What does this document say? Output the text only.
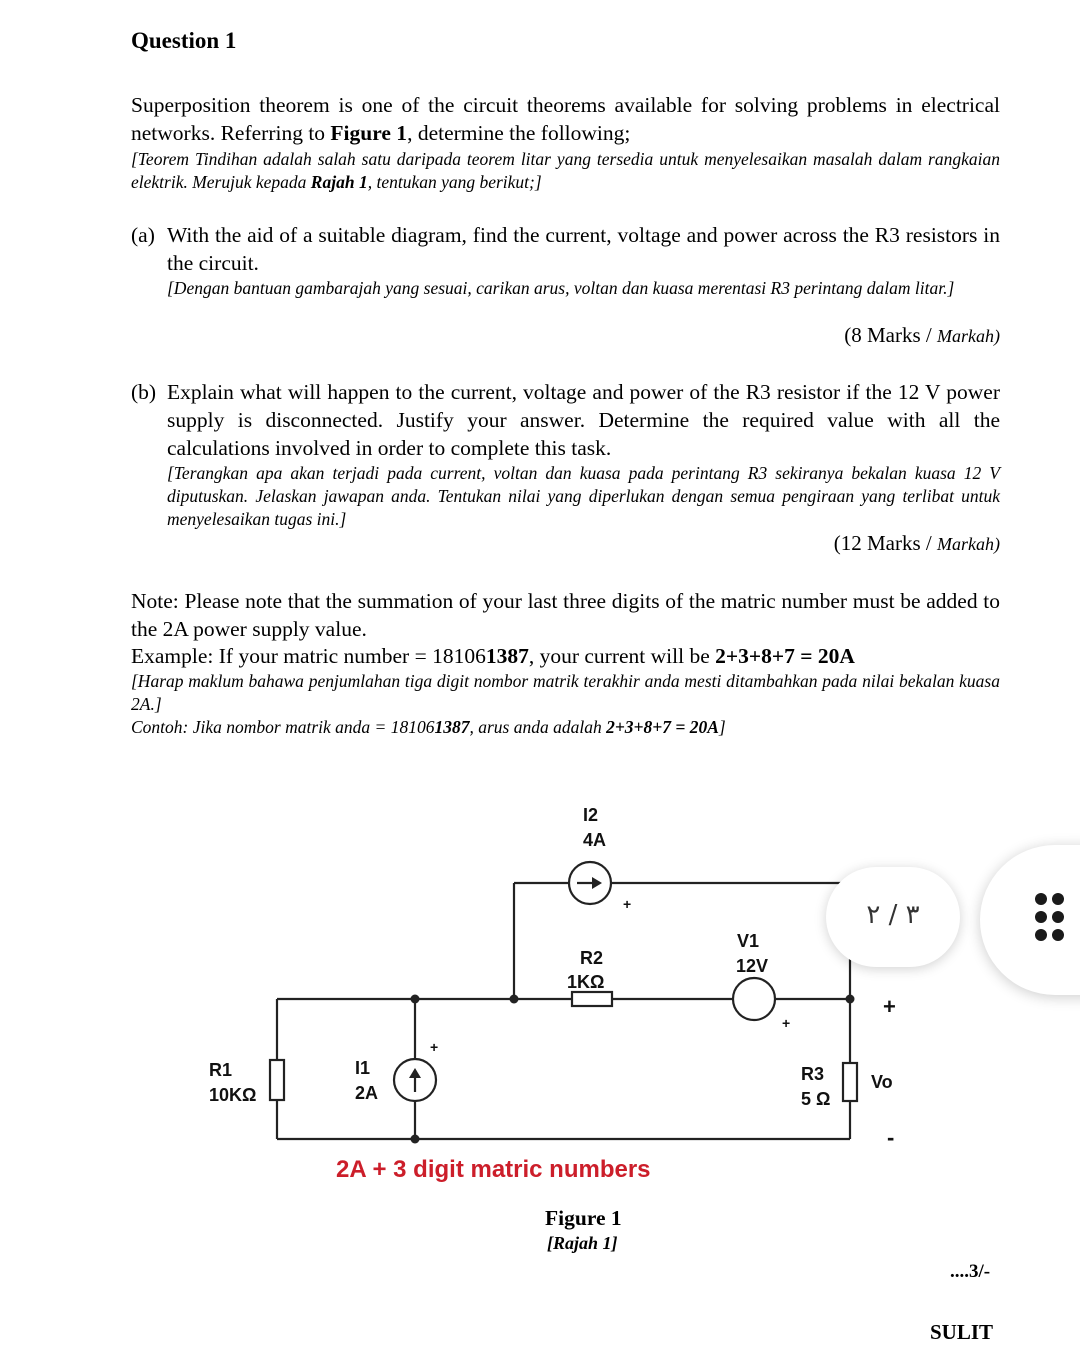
Question 1
Superposition theorem is one of the circuit theorems available for solving problems in electrical networks. Referring to Figure 1, determine the following;
[Teorem Tindihan adalah salah satu daripada teorem litar yang tersedia untuk menyelesaikan masalah dalam rangkaian elektrik. Merujuk kepada Rajah 1, tentukan yang berikut;]
(a) With the aid of a suitable diagram, find the current, voltage and power across the R3 resistors in the circuit.
[Dengan bantuan gambarajah yang sesuai, carikan arus, voltan dan kuasa merentasi R3 perintang dalam litar.]
(8 Marks / Markah)
(b) Explain what will happen to the current, voltage and power of the R3 resistor if the 12 V power supply is disconnected. Justify your answer. Determine the required value with all the calculations involved in order to complete this task.
[Terangkan apa akan terjadi pada current, voltan dan kuasa pada perintang R3 sekiranya bekalan kuasa 12 V diputuskan. Jelaskan jawapan anda. Tentukan nilai yang diperlukan dengan semua pengiraan yang terlibat untuk menyelesaikan tugas ini.]
(12 Marks / Markah)
Note: Please note that the summation of your last three digits of the matric number must be added to the 2A power supply value.
Example: If your matric number = 181061387, your current will be 2+3+8+7 = 20A
[Harap maklum bahawa penjumlahan tiga digit nombor matrik terakhir anda mesti ditambahkan pada nilai bekalan kuasa 2A.]
Contoh: Jika nombor matrik anda = 181061387, arus anda adalah 2+3+8+7 = 20A]
I2
4A
+
R2
1KΩ
V1
12V
+
R1
10KΩ
I1
2A
+
R3
5 Ω
+
Vo
-
2A + 3 digit matric numbers
Figure 1
[Rajah 1]
....3/-
SULIT
٣ / ٢
